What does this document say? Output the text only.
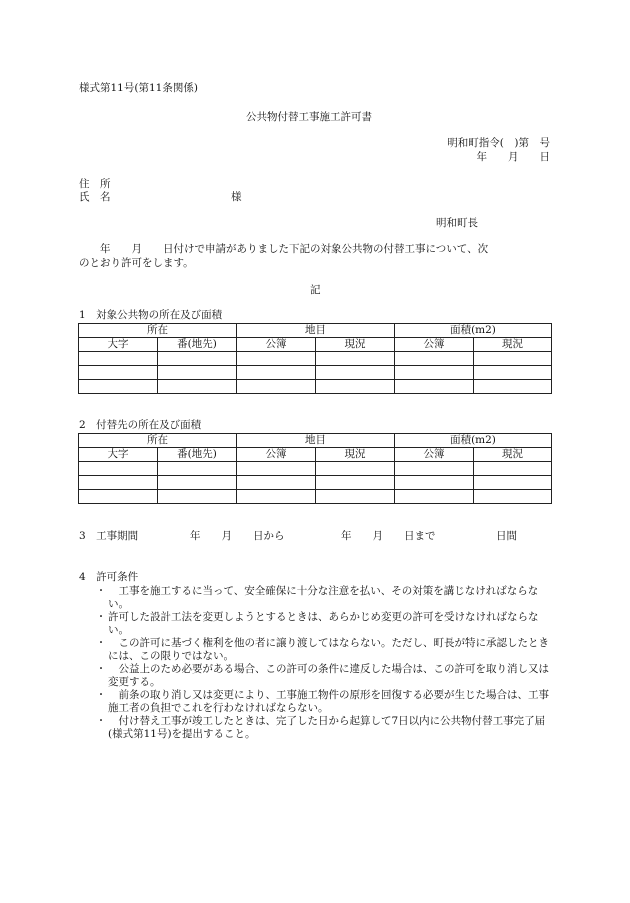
様式第11号(第11条関係)
公共物付替工事施工許可書
明和町指令(　)第　号
年　　月　　日
住　所
氏　名	様
明和町長
　　年　　月　　日付けで申請がありました下記の対象公共物の付替工事について、次
のとおり許可をします。
記
1　対象公共物の所在及び面積
所在		地目		面積(m2)	
大字	番(地先)	公簿	現況	公簿	現況

2　付替先の所在及び面積
所在		地目		面積(m2)	
大字	番(地先)	公簿	現況	公簿	現況

3　工事期間	年　　月　　日から	年　　月　　日まで	日間
4　許可条件
・ 　工事を施工するに当って、安全確保に十分な注意を払い、その対策を講じなければならない。
・ 許可した設計工法を変更しようとするときは、あらかじめ変更の許可を受けなければならない。
・ 　この許可に基づく権利を他の者に譲り渡してはならない。ただし、町長が特に承認したときには、この限りではない。
・ 　公益上のため必要がある場合、この許可の条件に違反した場合は、この許可を取り消し又は変更する。
・ 　前条の取り消し又は変更により、工事施工物件の原形を回復する必要が生じた場合は、工事施工者の負担でこれを行わなければならない。
・ 　付け替え工事が竣工したときは、完了した日から起算して7日以内に公共物付替工事完了届(様式第11号)を提出すること。
